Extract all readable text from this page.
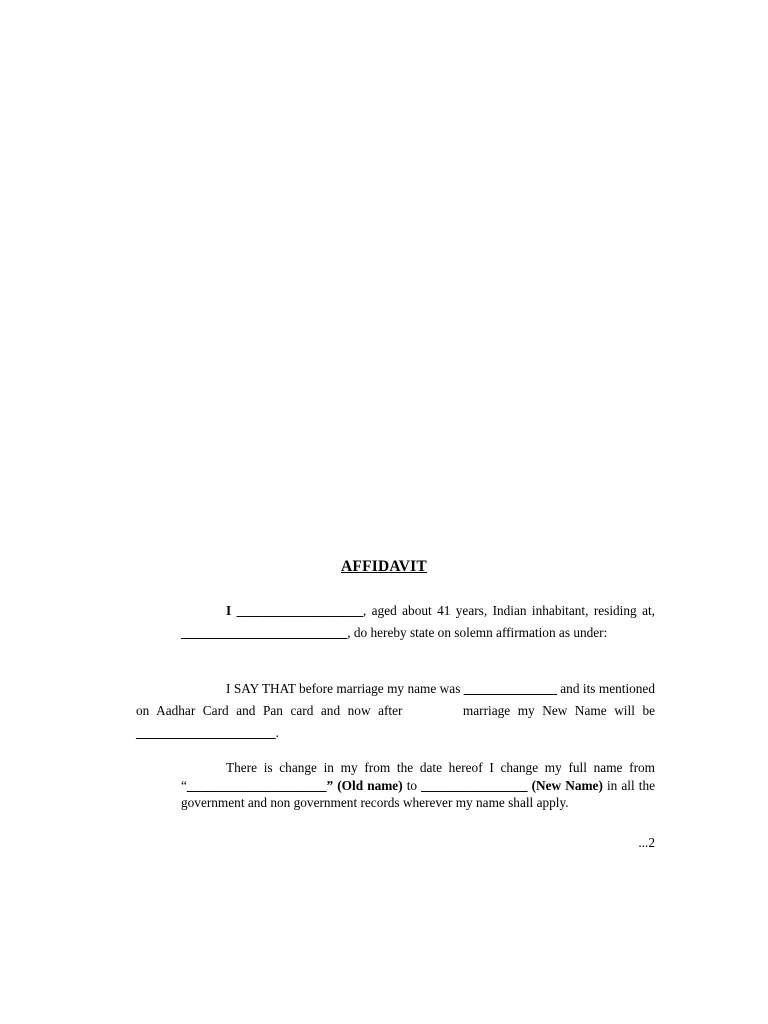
AFFIDAVIT

I ___________________, aged about 41 years, Indian inhabitant, residing at, _________________________, do hereby state on solemn affirmation as under:

I SAY THAT before marriage my name was ______________ and its mentioned on Aadhar Card and Pan card and now after        marriage my New Name will be _____________________.

There is change in my from the date hereof I change my full name from “_____________________” (Old name) to ________________ (New Name) in all the government and non government records wherever my name shall apply.

...2
